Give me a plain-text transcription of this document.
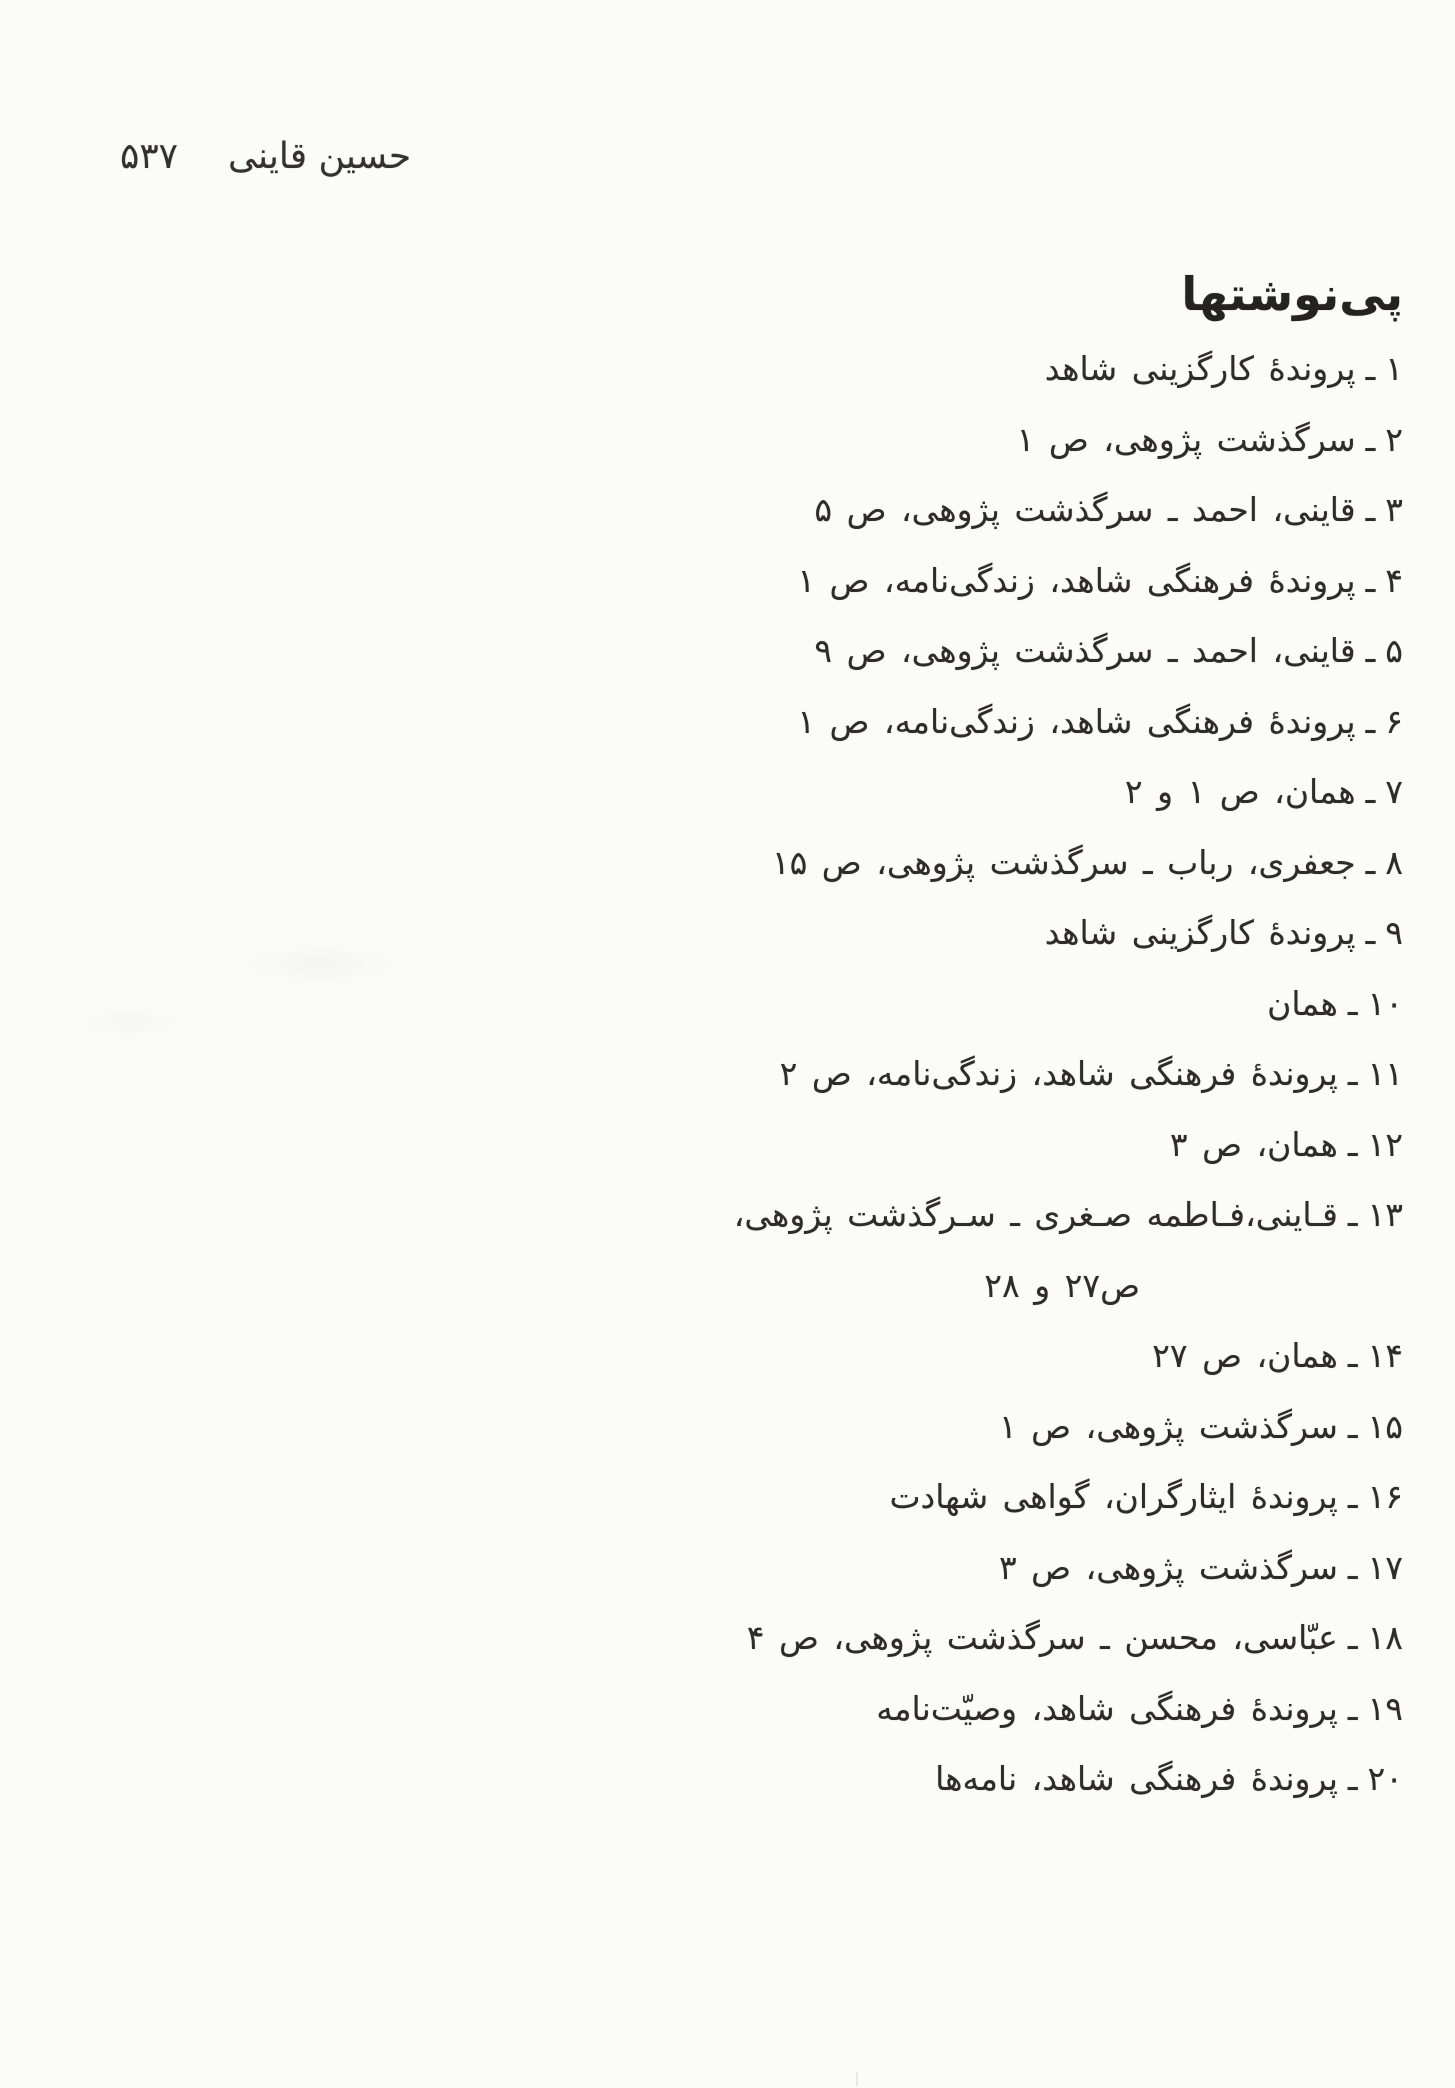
۵۳۷ حسین قاینی
پی‌نوشتها
۱ـپروندۀ کارگزینی شاهد
۲ـسرگذشت پژوهی، ص ۱
۳ـقاینی، احمد ـ سرگذشت پژوهی، ص ۵
۴ـپروندۀ فرهنگی شاهد، زندگی‌نامه، ص ۱
۵ـقاینی، احمد ـ سرگذشت پژوهی، ص ۹
۶ـپروندۀ فرهنگی شاهد، زندگی‌نامه، ص ۱
۷ـهمان، ص ۱ و ۲
۸ـجعفری، رباب ـ سرگذشت پژوهی، ص ۱۵
۹ـپروندۀ کارگزینی شاهد
۱۰ـهمان
۱۱ـپروندۀ فرهنگی شاهد، زندگی‌نامه، ص ۲
۱۲ـهمان، ص ۳
۱۳ـقـاینی،فـاطمه صـغری ـ سـرگذشت پژوهی،
ص۲۷ و ۲۸
۱۴ـهمان، ص ۲۷
۱۵ـسرگذشت پژوهی، ص ۱
۱۶ـپروندۀ ایثارگران، گواهی شهادت
۱۷ـسرگذشت پژوهی، ص ۳
۱۸ـعبّاسی، محسن ـ سرگذشت پژوهی، ص ۴
۱۹ـپروندۀ فرهنگی شاهد، وصیّت‌نامه
۲۰ـپروندۀ فرهنگی شاهد، نامه‌ها
